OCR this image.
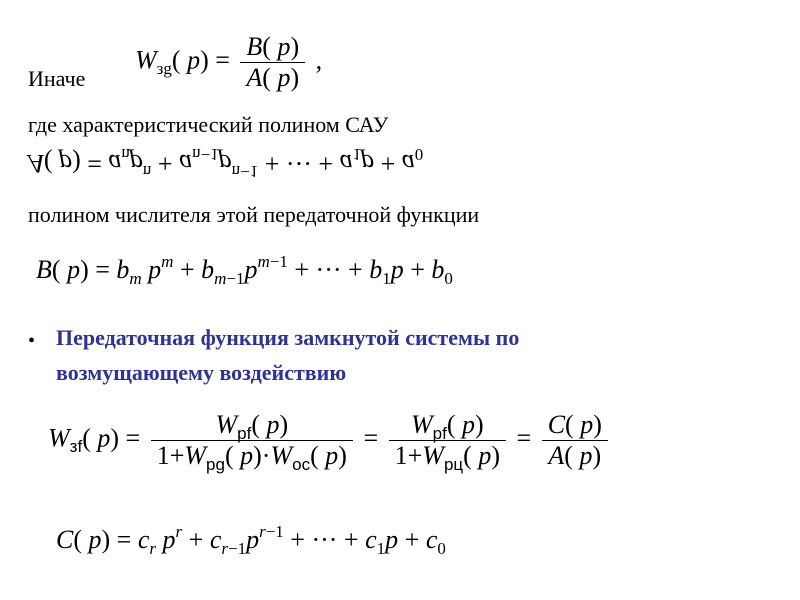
Иначе
$W_{зg}$( $p) = \frac{B( p)}{A( p)}$ ,
где характеристический полином САУ
A( $p) = a_np^n + a_{n-1}p^{n-1}$ + ··· + $a_1p + a_0$
полином числителя этой передаточной функции
B( $p) = b_m$ $p^m + b_{m-1}p^{m-1}$ + ··· + $b_1p + b_0$
• Передаточная функция замкнутой системы по
возмущающему воздействию
$W_{зf}$( $p) = \frac{W_{pf}( p)}{1+W_{pg}( p)\cdot W_{oc}( p)} = \frac{W_{pf}( p)}{1+W_{рц}( p)} = \frac{C( p)}{A( p)}$
C( $p) = c_r$ $p^r + c_{r-1}p^{r-1}$ + ··· + $c_1p + c_0$
